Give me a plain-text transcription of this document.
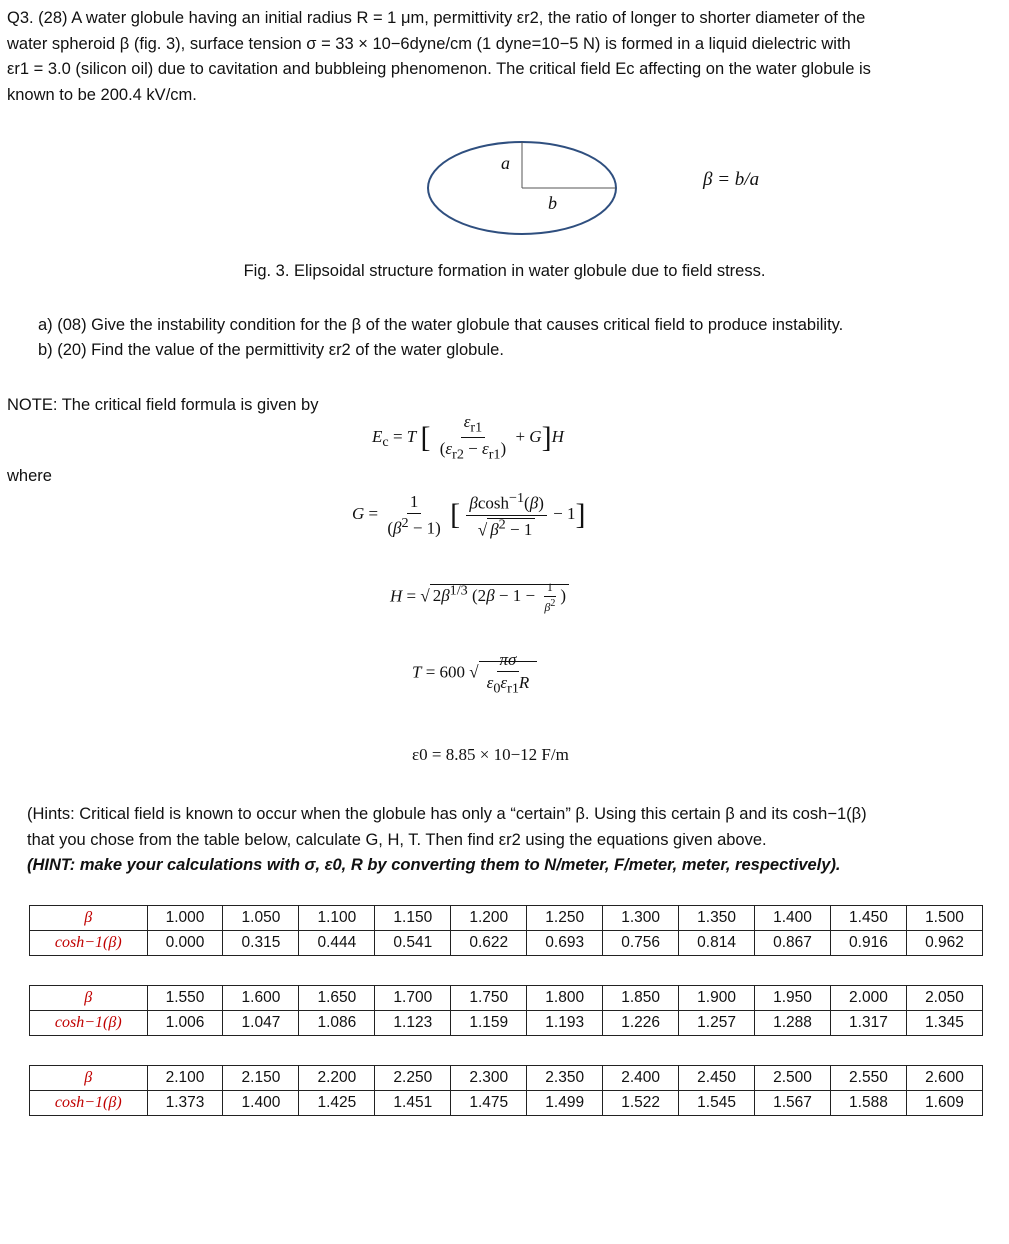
Q3. (28) A water globule having an initial radius R = 1 μm, permittivity εr2, the ratio of longer to shorter diameter of the
water spheroid β (fig. 3), surface tension σ = 33 × 10−6dyne/cm (1 dyne=10−5 N) is formed in a liquid dielectric with
εr1 = 3.0 (silicon oil) due to cavitation and bubbleing phenomenon. The critical field Ec affecting on the water globule is
known to be 200.4 kV/cm.
a
b
β = b/a
Fig. 3. Elipsoidal structure formation in water globule due to field stress.
a) (08) Give the instability condition for the β of the water globule that causes critical field to produce instability.
b) (20) Find the value of the permittivity εr2 of the water globule.
NOTE: The critical field formula is given by
where
$E_c = T$ [ $\frac{\varepsilon_{r1}}{(\varepsilon_{r2} - \varepsilon_{r1})} + G]H$
$G = \frac{1}{(\beta^2 - 1)}$ [ $\frac{\beta\cosh^{-1}(\beta)}{√ \beta^2 - 1} - 1$]
H = √ $2\beta^{1/3}$ ($2\beta - 1 - \frac{1}{\beta^2}$ )
T = 600 √ $\frac{\pi\sigma}{\varepsilon_0\varepsilon_{r1}R}$
ε0 = 8.85 × 10−12 F/m
(Hints: Critical field is known to occur when the globule has only a “certain” β. Using this certain β and its cosh−1(β)
that you chose from the table below, calculate G, H, T. Then find εr2 using the equations given above.
(HINT: make your calculations with σ, ε0, R by converting them to N/meter, F/meter, meter, respectively).
β	1.000	1.050	1.100	1.150	1.200	1.250	1.300	1.350	1.400	1.450	1.500
cosh−1(β)	0.000	0.315	0.444	0.541	0.622	0.693	0.756	0.814	0.867	0.916	0.962
β	1.550	1.600	1.650	1.700	1.750	1.800	1.850	1.900	1.950	2.000	2.050
cosh−1(β)	1.006	1.047	1.086	1.123	1.159	1.193	1.226	1.257	1.288	1.317	1.345
β	2.100	2.150	2.200	2.250	2.300	2.350	2.400	2.450	2.500	2.550	2.600
cosh−1(β)	1.373	1.400	1.425	1.451	1.475	1.499	1.522	1.545	1.567	1.588	1.609
